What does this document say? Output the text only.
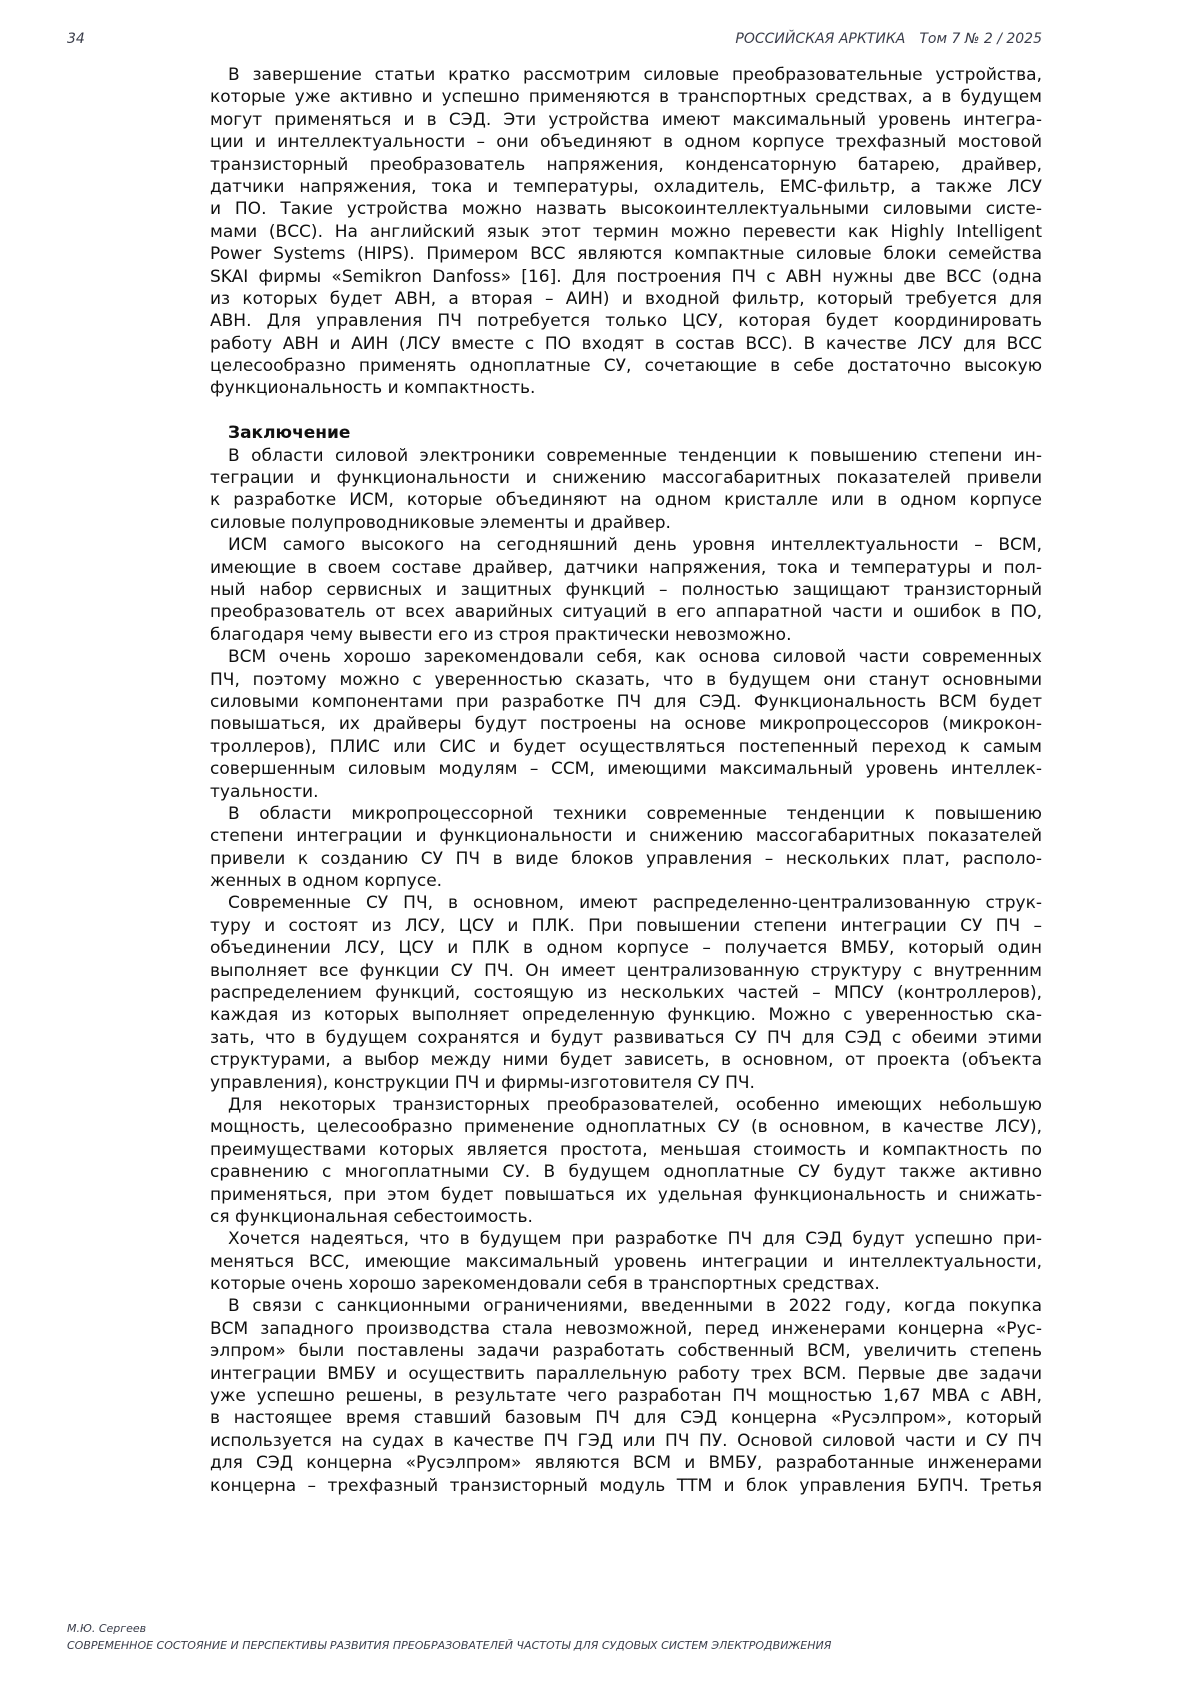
34	РОССИЙСКАЯ АРКТИКА Том 7 № 2 / 2025
В завершение статьи кратко рассмотрим силовые преобразовательные устройства,
которые уже активно и успешно применяются в транспортных средствах, а в будущем
могут применяться и в СЭД. Эти устройства имеют максимальный уровень интегра-
ции и интеллектуальности – они объединяют в одном корпусе трехфазный мостовой
транзисторный преобразователь напряжения, конденсаторную батарею, драйвер,
датчики напряжения, тока и температуры, охладитель, ЕМС-фильтр, а также ЛСУ
и ПО. Такие устройства можно назвать высокоинтеллектуальными силовыми систе-
мами (ВСС). На английский язык этот термин можно перевести как Highly Intelligent
Power Systems (HIPS). Примером ВСС являются компактные силовые блоки семейства
SKAI фирмы «Semikron Danfoss» [16]. Для построения ПЧ с АВН нужны две ВСС (одна
из которых будет АВН, а вторая – АИН) и входной фильтр, который требуется для
АВН. Для управления ПЧ потребуется только ЦСУ, которая будет координировать
работу АВН и АИН (ЛСУ вместе с ПО входят в состав ВСС). В качестве ЛСУ для ВСС
целесообразно применять одноплатные СУ, сочетающие в себе достаточно высокую
функциональность и компактность.
Заключение
В области силовой электроники современные тенденции к повышению степени ин-
теграции и функциональности и снижению массогабаритных показателей привели
к разработке ИСМ, которые объединяют на одном кристалле или в одном корпусе
силовые полупроводниковые элементы и драйвер.
ИСМ самого высокого на сегодняшний день уровня интеллектуальности – ВСМ,
имеющие в своем составе драйвер, датчики напряжения, тока и температуры и пол-
ный набор сервисных и защитных функций – полностью защищают транзисторный
преобразователь от всех аварийных ситуаций в его аппаратной части и ошибок в ПО,
благодаря чему вывести его из строя практически невозможно.
ВСМ очень хорошо зарекомендовали себя, как основа силовой части современных
ПЧ, поэтому можно с уверенностью сказать, что в будущем они станут основными
силовыми компонентами при разработке ПЧ для СЭД. Функциональность ВСМ будет
повышаться, их драйверы будут построены на основе микропроцессоров (микрокон-
троллеров), ПЛИС или СИС и будет осуществляться постепенный переход к самым
совершенным силовым модулям – ССМ, имеющими максимальный уровень интеллек-
туальности.
В области микропроцессорной техники современные тенденции к повышению
степени интеграции и функциональности и снижению массогабаритных показателей
привели к созданию СУ ПЧ в виде блоков управления – нескольких плат, располо-
женных в одном корпусе.
Современные СУ ПЧ, в основном, имеют распределенно-централизованную струк-
туру и состоят из ЛСУ, ЦСУ и ПЛК. При повышении степени интеграции СУ ПЧ –
объединении ЛСУ, ЦСУ и ПЛК в одном корпусе – получается ВМБУ, который один
выполняет все функции СУ ПЧ. Он имеет централизованную структуру с внутренним
распределением функций, состоящую из нескольких частей – МПСУ (контроллеров),
каждая из которых выполняет определенную функцию. Можно с уверенностью ска-
зать, что в будущем сохранятся и будут развиваться СУ ПЧ для СЭД с обеими этими
структурами, а выбор между ними будет зависеть, в основном, от проекта (объекта
управления), конструкции ПЧ и фирмы-изготовителя СУ ПЧ.
Для некоторых транзисторных преобразователей, особенно имеющих небольшую
мощность, целесообразно применение одноплатных СУ (в основном, в качестве ЛСУ),
преимуществами которых является простота, меньшая стоимость и компактность по
сравнению с многоплатными СУ. В будущем одноплатные СУ будут также активно
применяться, при этом будет повышаться их удельная функциональность и снижать-
ся функциональная себестоимость.
Хочется надеяться, что в будущем при разработке ПЧ для СЭД будут успешно при-
меняться ВСС, имеющие максимальный уровень интеграции и интеллектуальности,
которые очень хорошо зарекомендовали себя в транспортных средствах.
В связи с санкционными ограничениями, введенными в 2022 году, когда покупка
ВСМ западного производства стала невозможной, перед инженерами концерна «Рус-
элпром» были поставлены задачи разработать собственный ВСМ, увеличить степень
интеграции ВМБУ и осуществить параллельную работу трех ВСМ. Первые две задачи
уже успешно решены, в результате чего разработан ПЧ мощностью 1,67 МВА с АВН,
в настоящее время ставший базовым ПЧ для СЭД концерна «Русэлпром», который
используется на судах в качестве ПЧ ГЭД или ПЧ ПУ. Основой силовой части и СУ ПЧ
для СЭД концерна «Русэлпром» являются ВСМ и ВМБУ, разработанные инженерами
концерна – трехфазный транзисторный модуль ТТМ и блок управления БУПЧ. Третья
М.Ю. Сергеев
СОВРЕМЕННОЕ СОСТОЯНИЕ И ПЕРСПЕКТИВЫ РАЗВИТИЯ ПРЕОБРАЗОВАТЕЛЕЙ ЧАСТОТЫ ДЛЯ СУДОВЫХ СИСТЕМ ЭЛЕКТРОДВИЖЕНИЯ
